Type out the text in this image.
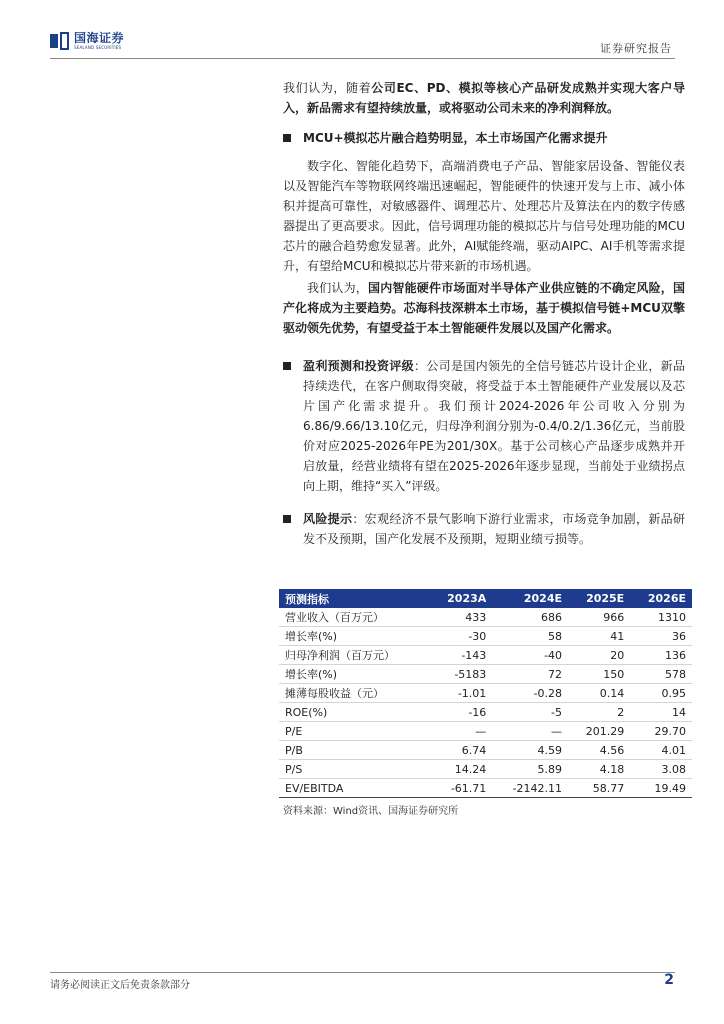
国海证券
SEALAND SECURITIES	证券研究报告
我们认为，随着公司EC、PD、模拟等核心产品研发成熟并实现大客户导入，新品需求有望持续放量，或将驱动公司未来的净利润释放。
MCU+模拟芯片融合趋势明显，本土市场国产化需求提升
数字化、智能化趋势下，高端消费电子产品、智能家居设备、智能仪表以及智能汽车等物联网终端迅速崛起，智能硬件的快速开发与上市、减小体积并提高可靠性，对敏感器件、调理芯片、处理芯片及算法在内的数字传感器提出了更高要求。因此，信号调理功能的模拟芯片与信号处理功能的MCU芯片的融合趋势愈发显著。此外，AI赋能终端，驱动AIPC、AI手机等需求提升，有望给MCU和模拟芯片带来新的市场机遇。
我们认为，国内智能硬件市场面对半导体产业供应链的不确定风险，国产化将成为主要趋势。芯海科技深耕本土市场，基于模拟信号链+MCU双擎驱动领先优势，有望受益于本土智能硬件发展以及国产化需求。
盈利预测和投资评级：公司是国内领先的全信号链芯片设计企业，新品持续迭代，在客户侧取得突破，将受益于本土智能硬件产业发展以及芯片国产化需求提升。我们预计2024-2026年公司收入分别为6.86/9.66/13.10亿元，归母净利润分别为-0.4/0.2/1.36亿元，当前股价对应2025-2026年PE为201/30X。基于公司核心产品逐步成熟并开启放量，经营业绩将有望在2025-2026年逐步显现，当前处于业绩拐点向上期，维持“买入”评级。
风险提示：宏观经济不景气影响下游行业需求，市场竞争加剧，新品研发不及预期，国产化发展不及预期，短期业绩亏损等。
预测指标	2023A	2024E	2025E	2026E
营业收入（百万元）	433	686	966	1310
增长率(%)	-30	58	41	36
归母净利润（百万元）	-143	-40	20	136
增长率(%)	-5183	72	150	578
摊薄每股收益（元）	-1.01	-0.28	0.14	0.95
ROE(%)	-16	-5	2	14
P/E	—	—	201.29	29.70
P/B	6.74	4.59	4.56	4.01
P/S	14.24	5.89	4.18	3.08
EV/EBITDA	-61.71	-2142.11	58.77	19.49
资料来源：Wind资讯、国海证券研究所
请务必阅读正文后免责条款部分	2
